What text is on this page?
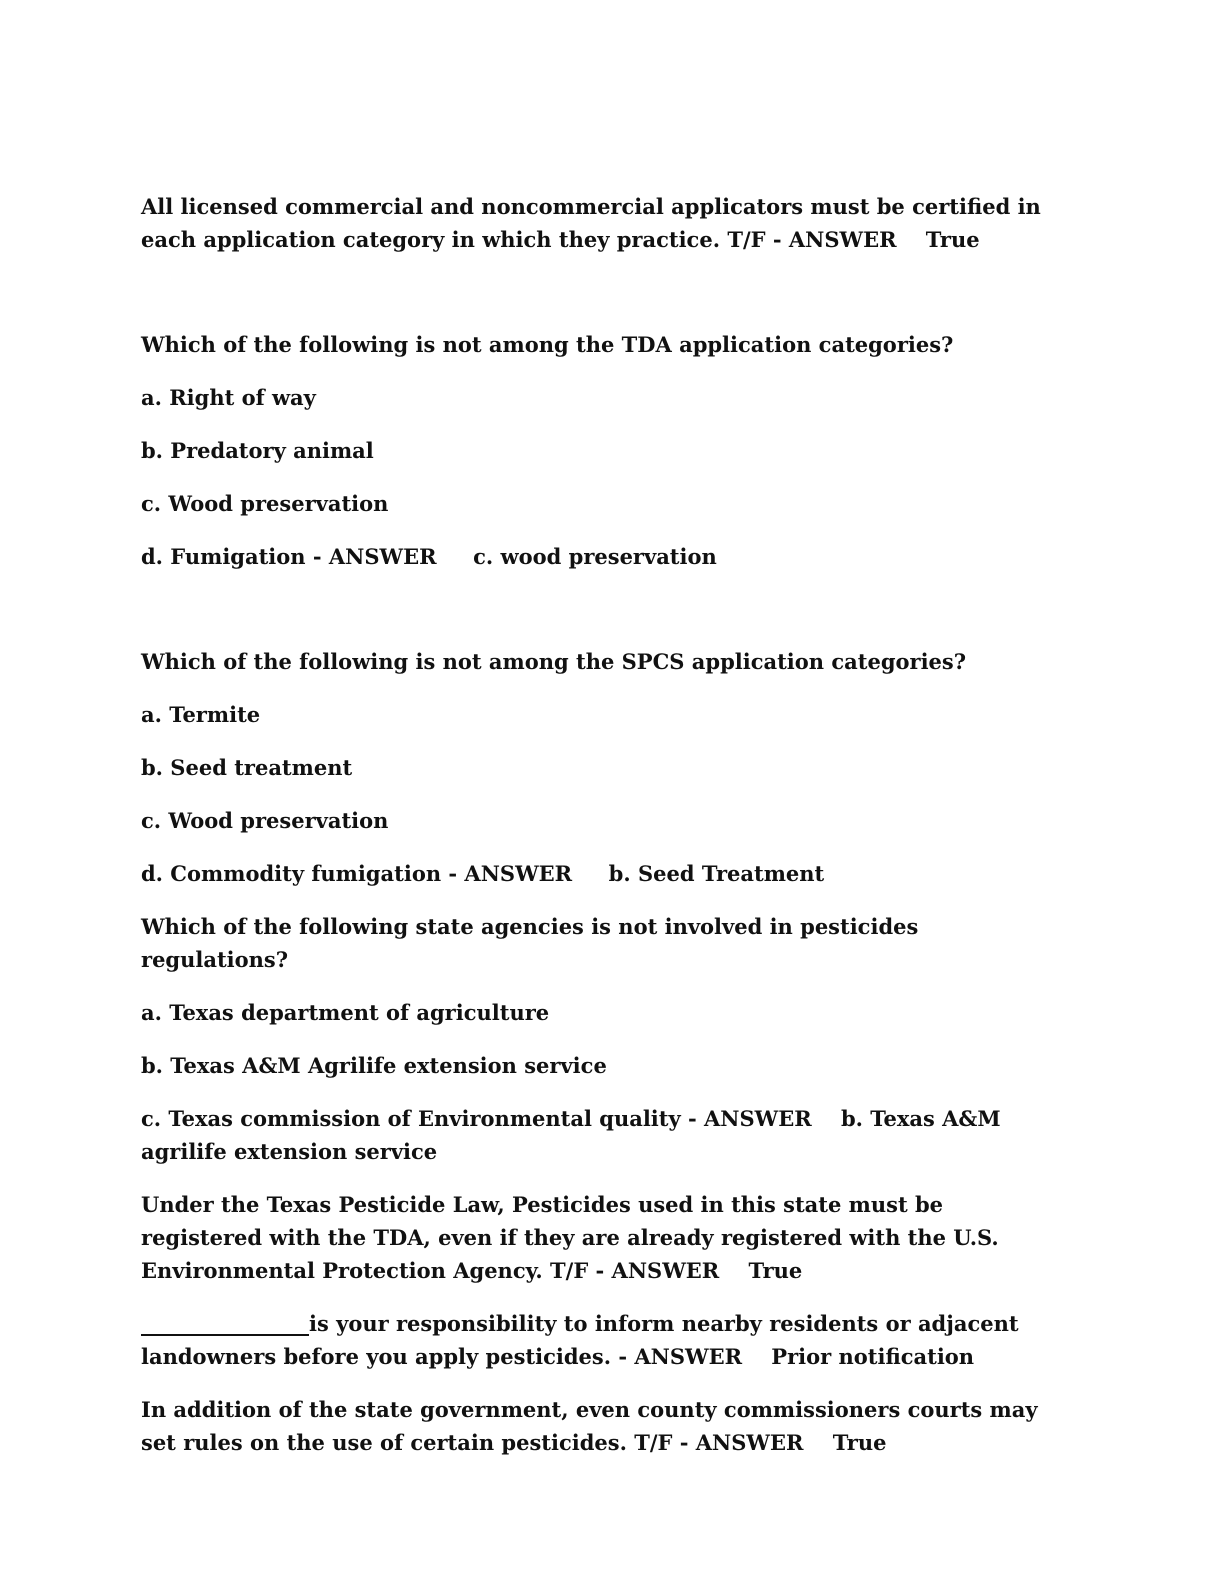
All licensed commercial and noncommercial applicators must be certified in each application category in which they practice. T/F - ANSWER    True

Which of the following is not among the TDA application categories?

a. Right of way

b. Predatory animal

c. Wood preservation

d. Fumigation - ANSWER     c. wood preservation

Which of the following is not among the SPCS application categories?

a. Termite

b. Seed treatment

c. Wood preservation

d. Commodity fumigation - ANSWER     b. Seed Treatment

Which of the following state agencies is not involved in pesticides regulations?

a. Texas department of agriculture

b. Texas A&M Agrilife extension service

c. Texas commission of Environmental quality - ANSWER    b. Texas A&M agrilife extension service

Under the Texas Pesticide Law, Pesticides used in this state must be registered with the TDA, even if they are already registered with the U.S. Environmental Protection Agency. T/F - ANSWER    True

________________is your responsibility to inform nearby residents or adjacent landowners before you apply pesticides. - ANSWER    Prior notification

In addition of the state government, even county commissioners courts may set rules on the use of certain pesticides. T/F - ANSWER    True
